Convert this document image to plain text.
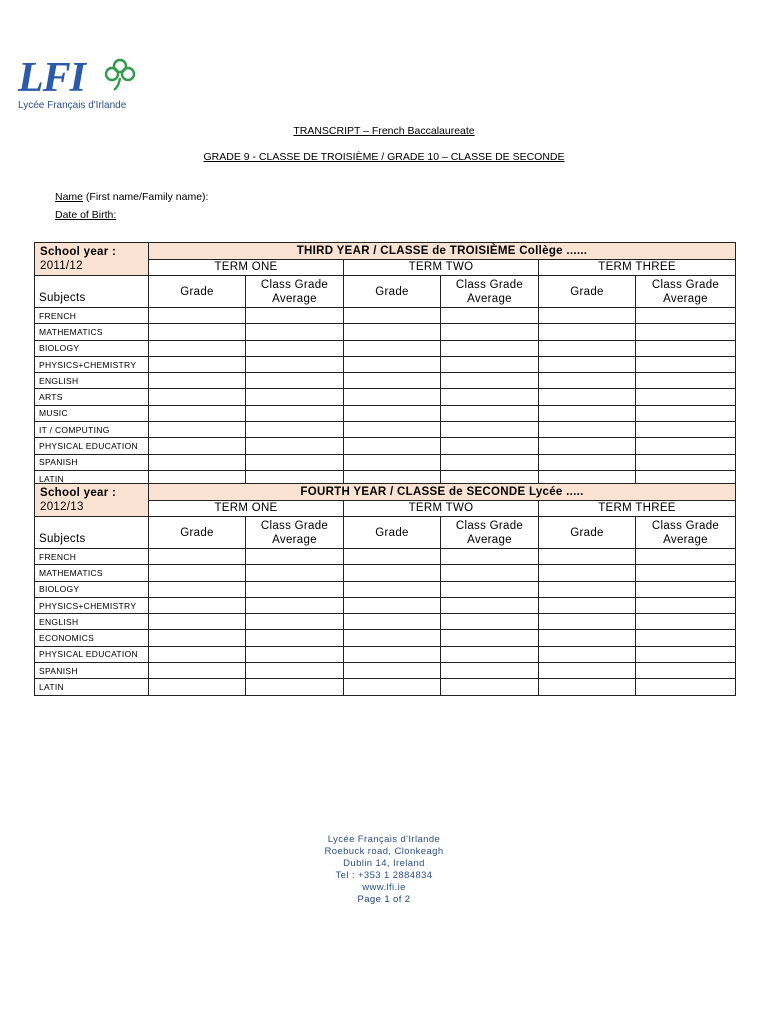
LFI
Lycée Français d'Irlande
TRANSCRIPT – French Baccalaureate
GRADE 9 - CLASSE DE TROISIÈME / GRADE 10 – CLASSE DE SECONDE
Name (First name/Family name):
Date of Birth:
School year :
2011/12	THIRD YEAR / CLASSE de TROISIÈME Collège ......					
	TERM ONE		TERM TWO		TERM THREE	
Subjects	Grade	Class Grade Average	Grade	Class Grade Average	Grade	Class Grade Average
FRENCH						
MATHEMATICS						
BIOLOGY						
PHYSICS+CHEMISTRY						
ENGLISH						
ARTS						
MUSIC						
IT / COMPUTING						
PHYSICAL EDUCATION						
SPANISH						
LATIN						
School year :
2012/13	FOURTH YEAR / CLASSE de SECONDE Lycée .....					
	TERM ONE		TERM TWO		TERM THREE	
Subjects	Grade	Class Grade Average	Grade	Class Grade Average	Grade	Class Grade Average
FRENCH						
MATHEMATICS						
BIOLOGY						
PHYSICS+CHEMISTRY						
ENGLISH						
ECONOMICS						
PHYSICAL EDUCATION						
SPANISH						
LATIN						
Lycée Français d'Irlande
Roebuck road, Clonkeagh
Dublin 14, Ireland
Tel : +353 1 2884834
www.lfi.ie
Page 1 of 2
